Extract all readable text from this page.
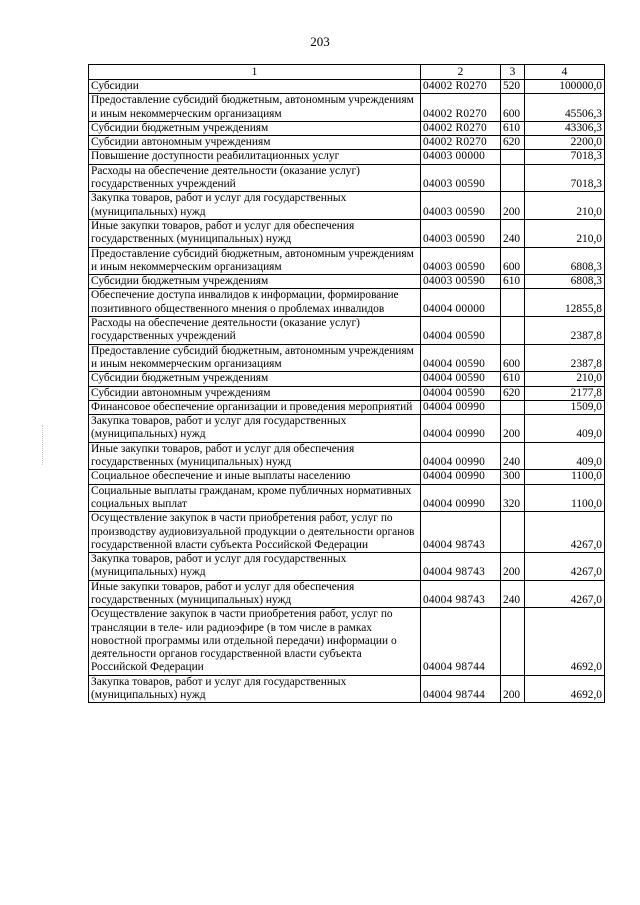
203
1	2	3	4
Субсидии	04002 R0270	520	100000,0
Предоставление субсидий бюджетным, автономным учреждениям и иным некоммерческим организациям	04002 R0270	600	45506,3
Субсидии бюджетным учреждениям	04002 R0270	610	43306,3
Субсидии автономным учреждениям	04002 R0270	620	2200,0
Повышение доступности реабилитационных услуг	04003 00000		7018,3
Расходы на обеспечение деятельности (оказание услуг) государственных учреждений	04003 00590		7018,3
Закупка товаров, работ и услуг для государственных (муниципальных) нужд	04003 00590	200	210,0
Иные закупки товаров, работ и услуг для обеспечения государственных (муниципальных) нужд	04003 00590	240	210,0
Предоставление субсидий бюджетным, автономным учреждениям и иным некоммерческим организациям	04003 00590	600	6808,3
Субсидии бюджетным учреждениям	04003 00590	610	6808,3
Обеспечение доступа инвалидов к информации, формирование позитивного общественного мнения о проблемах инвалидов	04004 00000		12855,8
Расходы на обеспечение деятельности (оказание услуг) государственных учреждений	04004 00590		2387,8
Предоставление субсидий бюджетным, автономным учреждениям и иным некоммерческим организациям	04004 00590	600	2387,8
Субсидии бюджетным учреждениям	04004 00590	610	210,0
Субсидии автономным учреждениям	04004 00590	620	2177,8
Финансовое обеспечение организации и проведения мероприятий	04004 00990		1509,0
Закупка товаров, работ и услуг для государственных (муниципальных) нужд	04004 00990	200	409,0
Иные закупки товаров, работ и услуг для обеспечения государственных (муниципальных) нужд	04004 00990	240	409,0
Социальное обеспечение и иные выплаты населению	04004 00990	300	1100,0
Социальные выплаты гражданам, кроме публичных нормативных социальных выплат	04004 00990	320	1100,0
Осуществление закупок в части приобретения работ, услуг по производству аудиовизуальной продукции о деятельности органов государственной власти субъекта Российской Федерации	04004 98743		4267,0
Закупка товаров, работ и услуг для государственных (муниципальных) нужд	04004 98743	200	4267,0
Иные закупки товаров, работ и услуг для обеспечения государственных (муниципальных) нужд	04004 98743	240	4267,0
Осуществление закупок в части приобретения работ, услуг по трансляции в теле- или радиоэфире (в том числе в рамках новостной программы или отдельной передачи) информации о деятельности органов государственной власти субъекта Российской Федерации	04004 98744		4692,0
Закупка товаров, работ и услуг для государственных (муниципальных) нужд	04004 98744	200	4692,0
